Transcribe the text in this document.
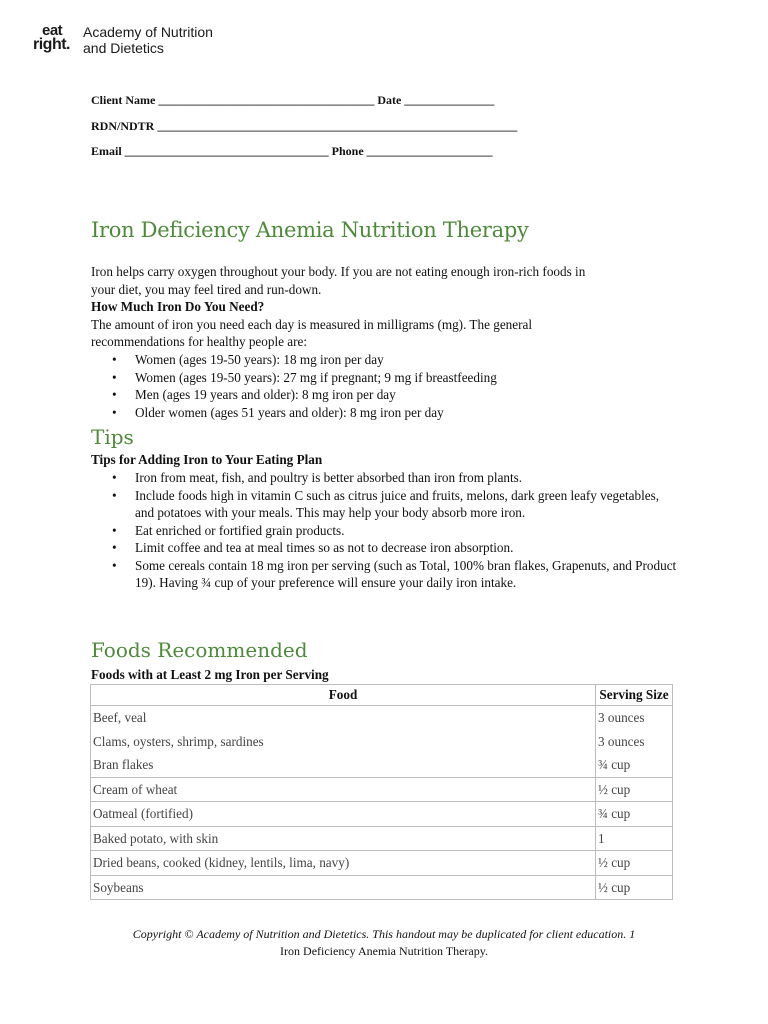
eat
right.
Academy of Nutrition
and Dietetics
Client Name ____________________________________ Date _______________
RDN/NDTR ____________________________________________________________
Email __________________________________ Phone _____________________
Iron Deficiency Anemia Nutrition Therapy
Iron helps carry oxygen throughout your body. If you are not eating enough iron-rich foods in
your diet, you may feel tired and run-down.
How Much Iron Do You Need?
The amount of iron you need each day is measured in milligrams (mg). The general
recommendations for healthy people are:
• Women (ages 19-50 years): 18 mg iron per day
• Women (ages 19-50 years): 27 mg if pregnant; 9 mg if breastfeeding
• Men (ages 19 years and older): 8 mg iron per day
• Older women (ages 51 years and older): 8 mg iron per day
Tips
Tips for Adding Iron to Your Eating Plan
• Iron from meat, fish, and poultry is better absorbed than iron from plants.
• Include foods high in vitamin C such as citrus juice and fruits, melons, dark green leafy vegetables, and potatoes with your meals. This may help your body absorb more iron.
• Eat enriched or fortified grain products.
• Limit coffee and tea at meal times so as not to decrease iron absorption.
• Some cereals contain 18 mg iron per serving (such as Total, 100% bran flakes, Grapenuts, and Product 19). Having ¾ cup of your preference will ensure your daily iron intake.
Foods Recommended
Foods with at Least 2 mg Iron per Serving
Food	Serving Size
Beef, veal	3 ounces
Clams, oysters, shrimp, sardines	3 ounces
Bran flakes	¾ cup
Cream of wheat	½ cup
Oatmeal (fortified)	¾ cup
Baked potato, with skin	1
Dried beans, cooked (kidney, lentils, lima, navy)	½ cup
Soybeans	½ cup
Copyright © Academy of Nutrition and Dietetics. This handout may be duplicated for client education. 1
Iron Deficiency Anemia Nutrition Therapy.
